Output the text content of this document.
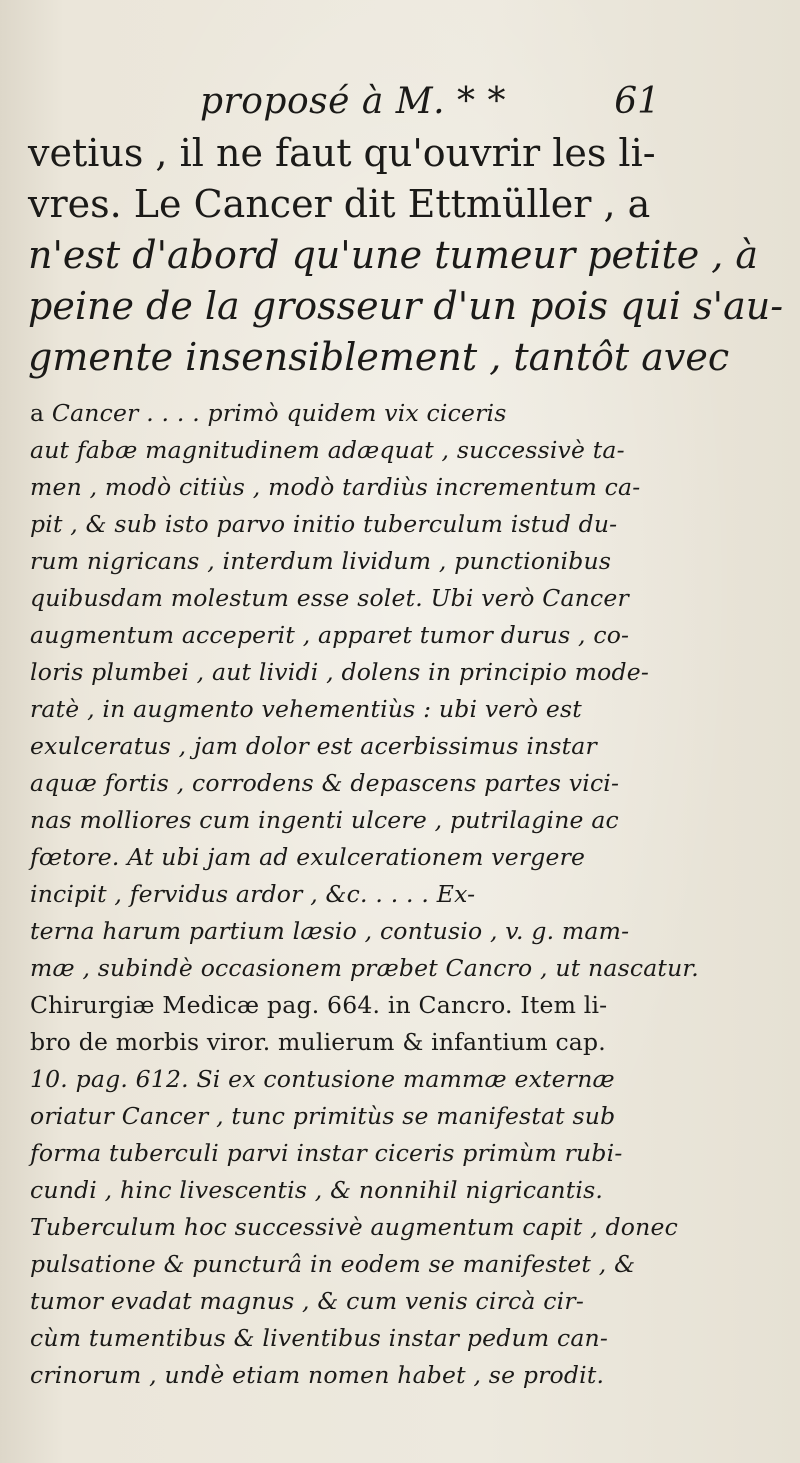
proposé à M. * *	61
vetius , il ne faut qu'ouvrir les li-
vres. Le Cancer dit Ettmüller , a
n'est d'abord qu'une tumeur petite , à
peine de la grosseur d'un pois qui s'au-
gmente insensiblement , tantôt avec
a Cancer . . . . primò quidem vix ciceris
aut fabæ magnitudinem adæquat , successivè ta-
men , modò citiùs , modò tardiùs incrementum ca-
pit , & sub isto parvo initio tuberculum istud du-
rum nigricans , interdum lividum , punctionibus
quibusdam molestum esse solet. Ubi verò Cancer
augmentum acceperit , apparet tumor durus , co-
loris plumbei , aut lividi , dolens in principio mode-
ratè , in augmento vehementiùs : ubi verò est
exulceratus , jam dolor est acerbissimus instar
aquæ fortis , corrodens & depascens partes vici-
nas molliores cum ingenti ulcere , putrilagine ac
fœtore. At ubi jam ad exulcerationem vergere
incipit , fervidus ardor , &c. . . . . Ex-
terna harum partium læsio , contusio , v. g. mam-
mæ , subindè occasionem præbet Cancro , ut nascatur.
Chirurgiæ Medicæ pag. 664. in Cancro. Item li-
bro de morbis viror. mulierum & infantium cap.
10. pag. 612. Si ex contusione mammæ externæ
oriatur Cancer , tunc primitùs se manifestat sub
forma tuberculi parvi instar ciceris primùm rubi-
cundi , hinc livescentis , & nonnihil nigricantis.
Tuberculum hoc successivè augmentum capit , donec
pulsatione & puncturâ in eodem se manifestet , &
tumor evadat magnus , & cum venis circà cir-
cùm tumentibus & liventibus instar pedum can-
crinorum , undè etiam nomen habet , se prodit.
